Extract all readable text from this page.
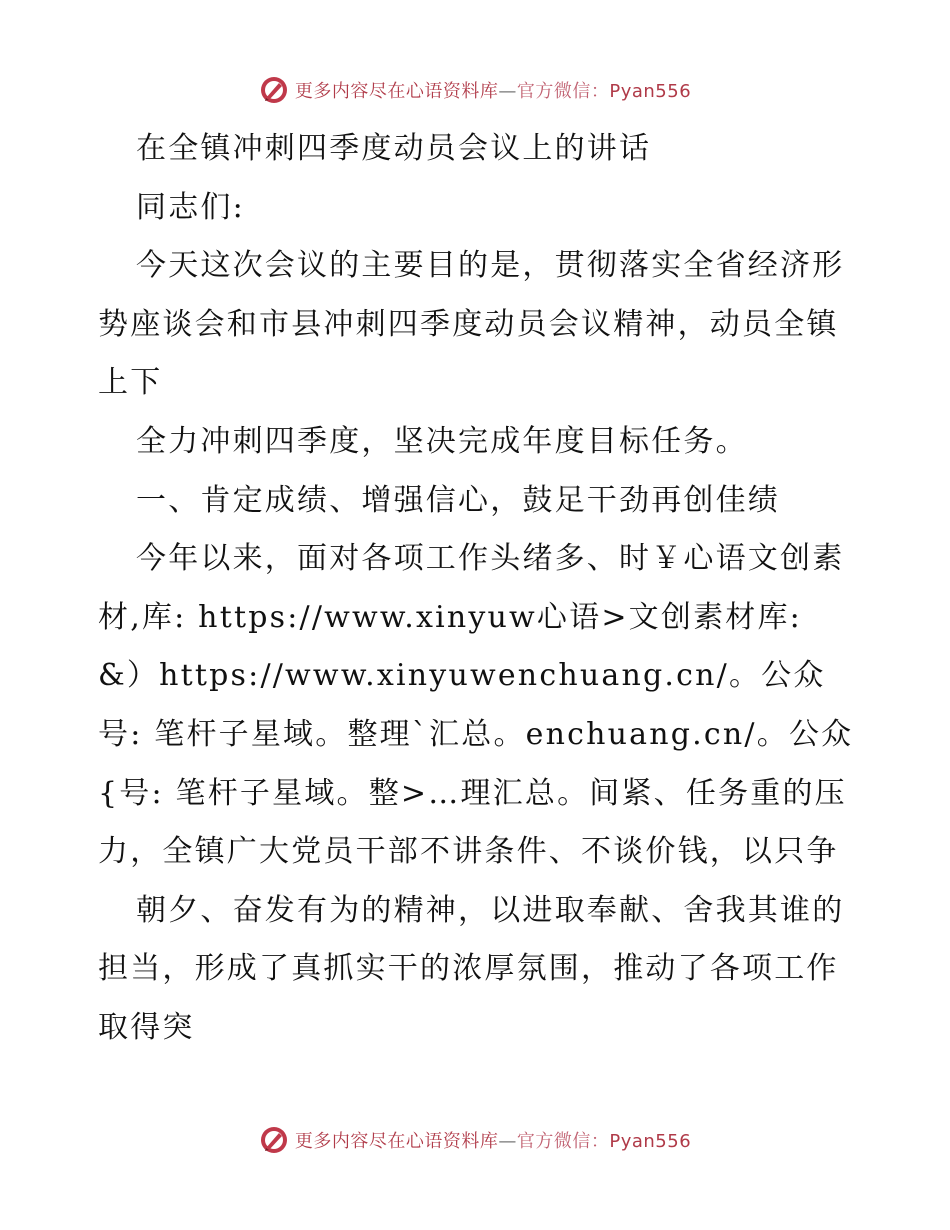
更多内容尽在心语资料库—官方微信：Pyan556

在全镇冲刺四季度动员会议上的讲话

同志们:

今天这次会议的主要目的是，贯彻落实全省经济形势座谈会和市县冲刺四季度动员会议精神，动员全镇上下

全力冲刺四季度，坚决完成年度目标任务。

一、肯定成绩、增强信心，鼓足干劲再创佳绩

今年以来，面对各项工作头绪多、时￥心语文创素材,库: https://www.xinyuw心语>文创素材库: &）https://www.xinyuwenchuang.cn/。公众号: 笔杆子星域。整理`汇总。enchuang.cn/。公众{号: 笔杆子星域。整>…理汇总。间紧、任务重的压力，全镇广大党员干部不讲条件、不谈价钱，以只争

朝夕、奋发有为的精神，以进取奉献、舍我其谁的担当，形成了真抓实干的浓厚氛围，推动了各项工作取得突

更多内容尽在心语资料库—官方微信：Pyan556
